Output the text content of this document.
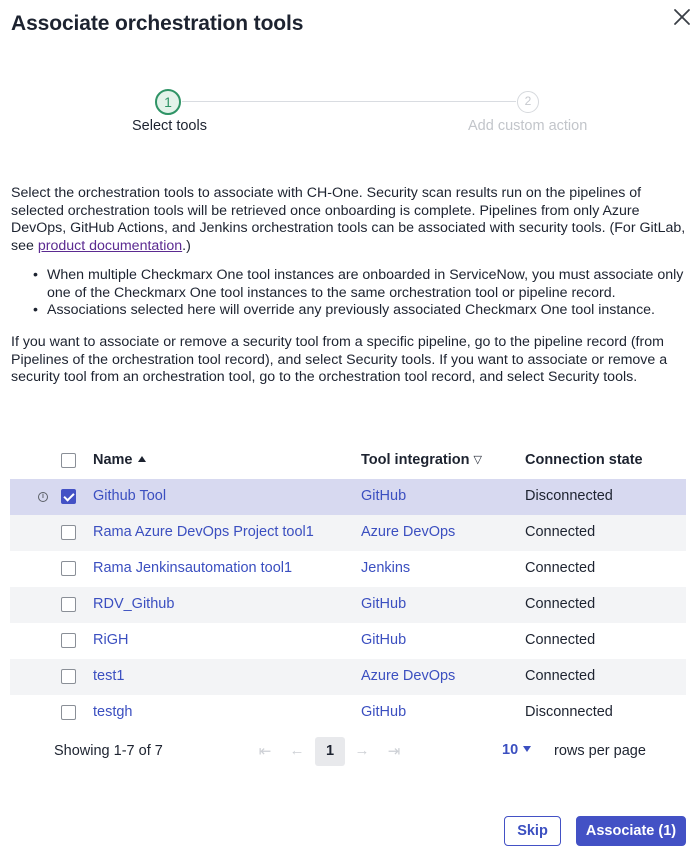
Associate orchestration tools
1
Select tools
2
Add custom action

Select the orchestration tools to associate with CH-One. Security scan results run on the pipelines of selected orchestration tools will be retrieved once onboarding is complete. Pipelines from only Azure DevOps, GitHub Actions, and Jenkins orchestration tools can be associated with security tools. (For GitLab, see product documentation.)

• When multiple Checkmarx One tool instances are onboarded in ServiceNow, you must associate only one of the Checkmarx One tool instances to the same orchestration tool or pipeline record.
• Associations selected here will override any previously associated Checkmarx One tool instance.

If you want to associate or remove a security tool from a specific pipeline, go to the pipeline record (from Pipelines of the orchestration tool record), and select Security tools. If you want to associate or remove a security tool from an orchestration tool, go to the orchestration tool record, and select Security tools.

Name	Tool integration ▽	Connection state
i	Github Tool	GitHub	Disconnected
Rama Azure DevOps Project tool1	Azure DevOps	Connected
Rama Jenkinsautomation tool1	Jenkins	Connected
RDV_Github	GitHub	Connected
RiGH	GitHub	Connected
test1	Azure DevOps	Connected
testgh	GitHub	Disconnected
Showing 1-7 of 7	⇤ ←	1	→ ⇥	10	rows per page
Skip	Associate (1)
